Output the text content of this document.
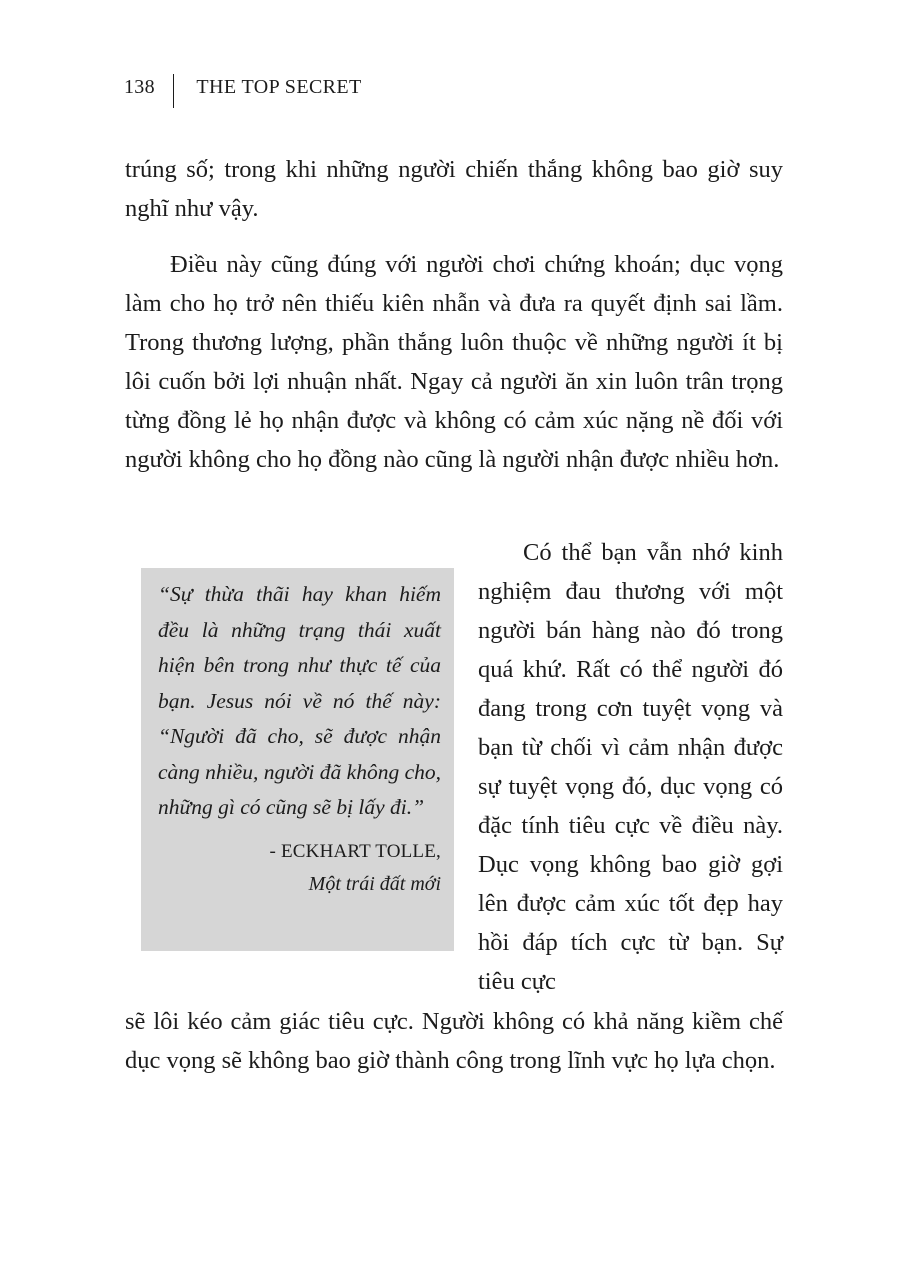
138 THE TOP SECRET

trúng số; trong khi những người chiến thắng không bao giờ suy nghĩ như vậy.

Điều này cũng đúng với người chơi chứng khoán; dục vọng làm cho họ trở nên thiếu kiên nhẫn và đưa ra quyết định sai lầm. Trong thương lượng, phần thắng luôn thuộc về những người ít bị lôi cuốn bởi lợi nhuận nhất. Ngay cả người ăn xin luôn trân trọng từng đồng lẻ họ nhận được và không có cảm xúc nặng nề đối với người không cho họ đồng nào cũng là người nhận được nhiều hơn.

“Sự thừa thãi hay khan hiếm đều là những trạng thái xuất hiện bên trong như thực tế của bạn. Jesus nói về nó thế này: “Người đã cho, sẽ được nhận càng nhiều, người đã không cho, những gì có cũng sẽ bị lấy đi.”

- ECKHART TOLLE,

Một trái đất mới

Có thể bạn vẫn nhớ kinh nghiệm đau thương với một người bán hàng nào đó trong quá khứ. Rất có thể người đó đang trong cơn tuyệt vọng và bạn từ chối vì cảm nhận được sự tuyệt vọng đó, dục vọng có đặc tính tiêu cực về điều này. Dục vọng không bao giờ gợi lên được cảm xúc tốt đẹp hay hồi đáp tích cực từ bạn. Sự tiêu cực

sẽ lôi kéo cảm giác tiêu cực. Người không có khả năng kiềm chế dục vọng sẽ không bao giờ thành công trong lĩnh vực họ lựa chọn.
